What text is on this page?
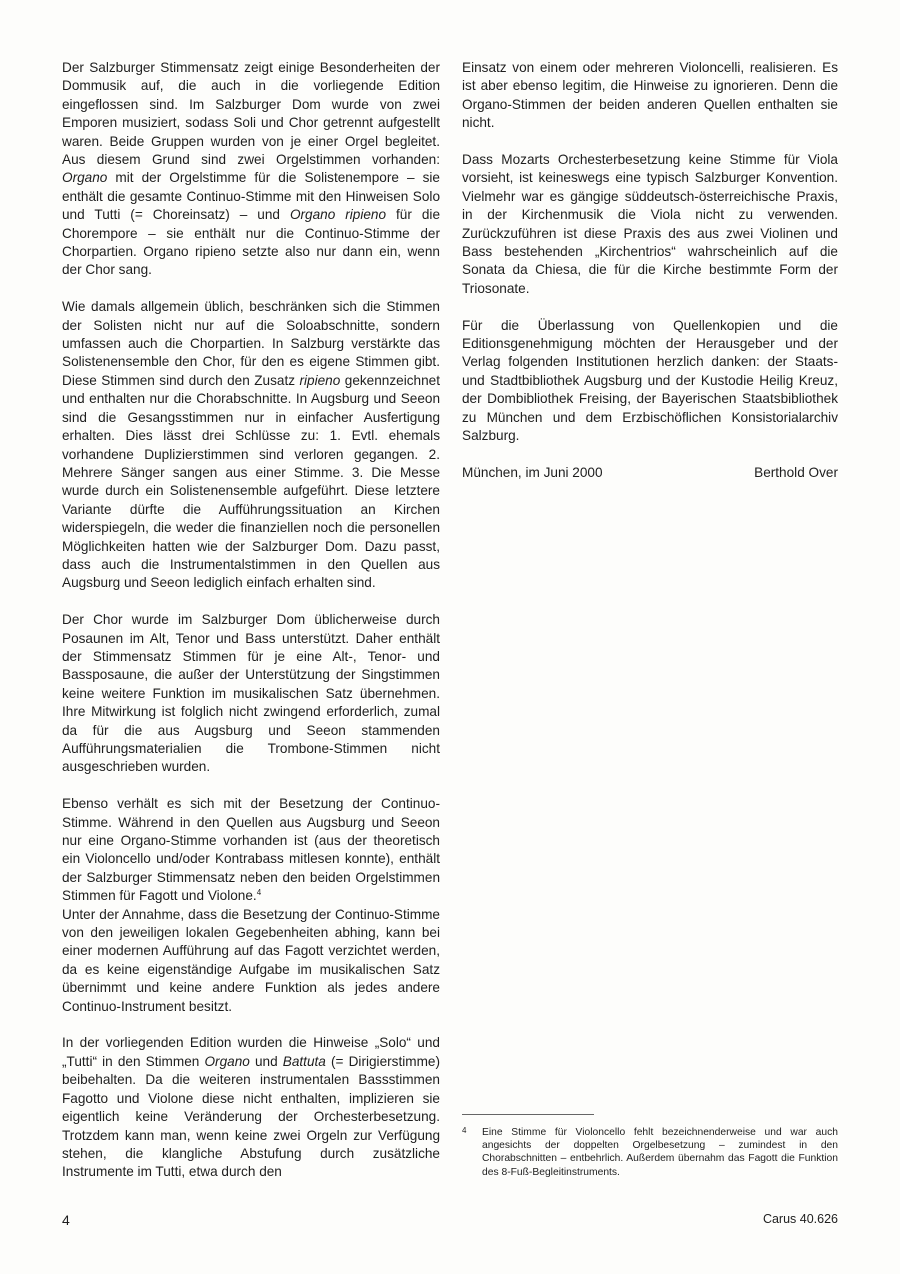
Der Salzburger Stimmensatz zeigt einige Besonderheiten der Dommusik auf, die auch in die vorliegende Edition eingeflossen sind. Im Salzburger Dom wurde von zwei Emporen musiziert, sodass Soli und Chor getrennt aufgestellt waren. Beide Gruppen wurden von je einer Orgel begleitet. Aus diesem Grund sind zwei Orgelstimmen vorhanden: Organo mit der Orgelstimme für die Solistenempore – sie enthält die gesamte Continuo-Stimme mit den Hinweisen Solo und Tutti (= Choreinsatz) – und Organo ripieno für die Chorempore – sie enthält nur die Continuo-Stimme der Chorpartien. Organo ripieno setzte also nur dann ein, wenn der Chor sang.

Wie damals allgemein üblich, beschränken sich die Stimmen der Solisten nicht nur auf die Soloabschnitte, sondern umfassen auch die Chorpartien. In Salzburg verstärkte das Solistenensemble den Chor, für den es eigene Stimmen gibt. Diese Stimmen sind durch den Zusatz ripieno gekennzeichnet und enthalten nur die Chorabschnitte. In Augsburg und Seeon sind die Gesangsstimmen nur in einfacher Ausfertigung erhalten. Dies lässt drei Schlüsse zu: 1. Evtl. ehemals vorhandene Duplizierstimmen sind verloren gegangen. 2. Mehrere Sänger sangen aus einer Stimme. 3. Die Messe wurde durch ein Solistenensemble aufgeführt. Diese letztere Variante dürfte die Aufführungssituation an Kirchen widerspiegeln, die weder die finanziellen noch die personellen Möglichkeiten hatten wie der Salzburger Dom. Dazu passt, dass auch die Instrumentalstimmen in den Quellen aus Augsburg und Seeon lediglich einfach erhalten sind.

Der Chor wurde im Salzburger Dom üblicherweise durch Posaunen im Alt, Tenor und Bass unterstützt. Daher enthält der Stimmensatz Stimmen für je eine Alt-, Tenor- und Bassposaune, die außer der Unterstützung der Singstimmen keine weitere Funktion im musikalischen Satz übernehmen. Ihre Mitwirkung ist folglich nicht zwingend erforderlich, zumal da für die aus Augsburg und Seeon stammenden Aufführungsmaterialien die Trombone-Stimmen nicht ausgeschrieben wurden.

Ebenso verhält es sich mit der Besetzung der Continuo-Stimme. Während in den Quellen aus Augsburg und Seeon nur eine Organo-Stimme vorhanden ist (aus der theoretisch ein Violoncello und/oder Kontrabass mitlesen konnte), enthält der Salzburger Stimmensatz neben den beiden Orgelstimmen Stimmen für Fagott und Violone.$^4$
Unter der Annahme, dass die Besetzung der Continuo-Stimme von den jeweiligen lokalen Gegebenheiten abhing, kann bei einer modernen Aufführung auf das Fagott verzichtet werden, da es keine eigenständige Aufgabe im musikalischen Satz übernimmt und keine andere Funktion als jedes andere Continuo-Instrument besitzt.

In der vorliegenden Edition wurden die Hinweise „Solo“ und „Tutti“ in den Stimmen Organo und Battuta (= Dirigierstimme) beibehalten. Da die weiteren instrumentalen Bassstimmen Fagotto und Violone diese nicht enthalten, implizieren sie eigentlich keine Veränderung der Orchesterbesetzung. Trotzdem kann man, wenn keine zwei Orgeln zur Verfügung stehen, die klangliche Abstufung durch zusätzliche Instrumente im Tutti, etwa durch den

Einsatz von einem oder mehreren Violoncelli, realisieren. Es ist aber ebenso legitim, die Hinweise zu ignorieren. Denn die Organo-Stimmen der beiden anderen Quellen enthalten sie nicht.

Dass Mozarts Orchesterbesetzung keine Stimme für Viola vorsieht, ist keineswegs eine typisch Salzburger Konvention. Vielmehr war es gängige süddeutsch-österreichische Praxis, in der Kirchenmusik die Viola nicht zu verwenden. Zurückzuführen ist diese Praxis des aus zwei Violinen und Bass bestehenden „Kirchentrios“ wahrscheinlich auf die Sonata da Chiesa, die für die Kirche bestimmte Form der Triosonate.

Für die Überlassung von Quellenkopien und die Editionsgenehmigung möchten der Herausgeber und der Verlag folgenden Institutionen herzlich danken: der Staats- und Stadtbibliothek Augsburg und der Kustodie Heilig Kreuz, der Dombibliothek Freising, der Bayerischen Staatsbibliothek zu München und dem Erzbischöflichen Konsistorialarchiv Salzburg.

München, im Juni 2000	Berthold Over
4	Eine Stimme für Violoncello fehlt bezeichnenderweise und war auch angesichts der doppelten Orgelbesetzung – zumindest in den Chorabschnitten – entbehrlich. Außerdem übernahm das Fagott die Funktion des 8-Fuß-Begleitinstruments.
4	Carus 40.626
